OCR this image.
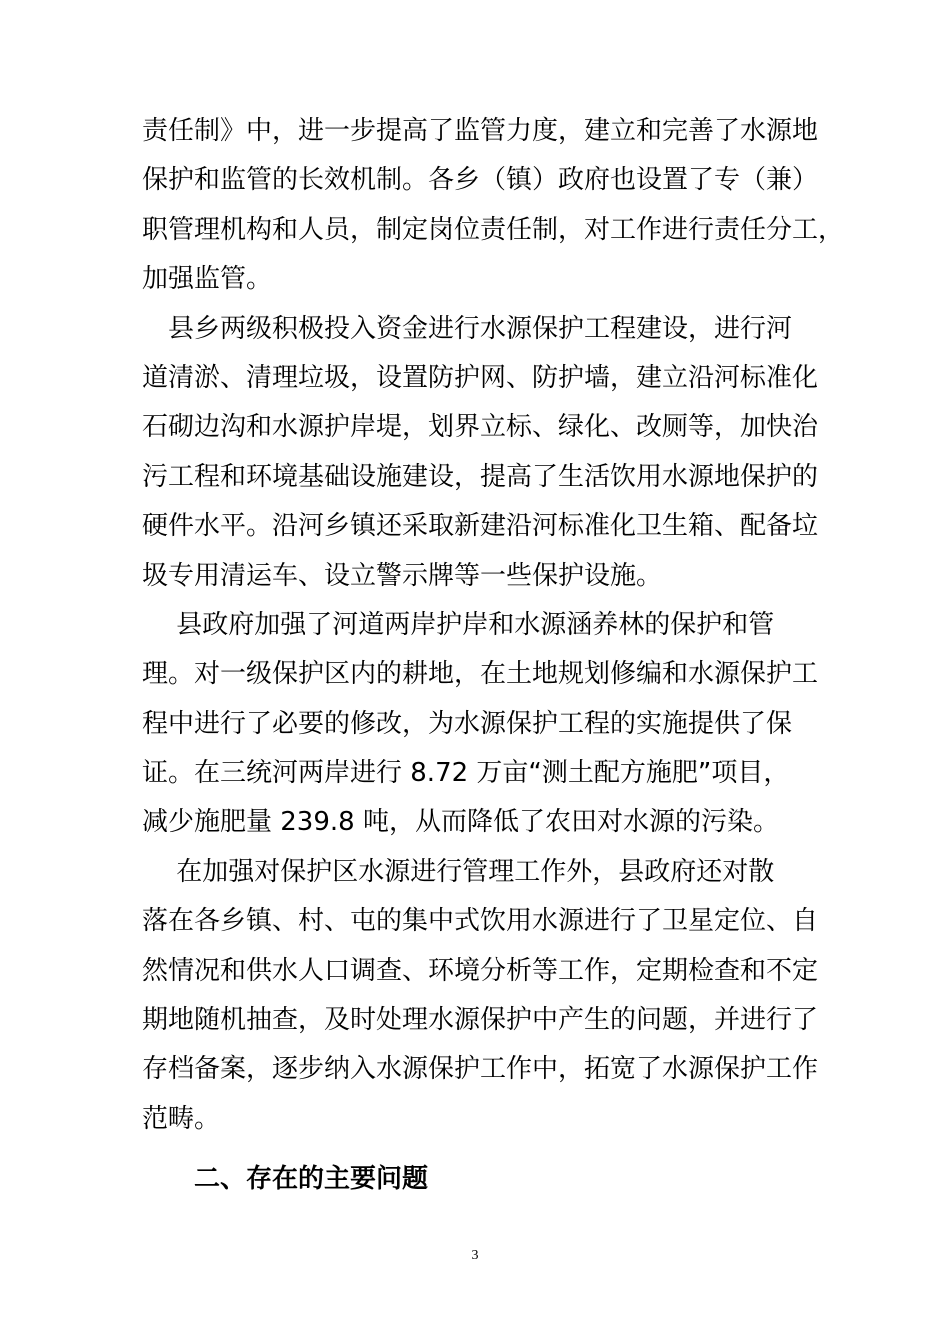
责任制》中，进一步提高了监管力度，建立和完善了水源地
保护和监管的长效机制。各乡（镇）政府也设置了专（兼）
职管理机构和人员，制定岗位责任制，对工作进行责任分工，
加强监管。
　县乡两级积极投入资金进行水源保护工程建设，进行河
道清淤、清理垃圾，设置防护网、防护墙，建立沿河标准化
石砌边沟和水源护岸堤，划界立标、绿化、改厕等，加快治
污工程和环境基础设施建设，提高了生活饮用水源地保护的
硬件水平。沿河乡镇还采取新建沿河标准化卫生箱、配备垃
圾专用清运车、设立警示牌等一些保护设施。
　 县政府加强了河道两岸护岸和水源涵养林的保护和管
理。对一级保护区内的耕地，在土地规划修编和水源保护工
程中进行了必要的修改，为水源保护工程的实施提供了保
证。在三统河两岸进行 8.72 万亩“测土配方施肥”项目，
减少施肥量 239.8 吨，从而降低了农田对水源的污染。
　 在加强对保护区水源进行管理工作外，县政府还对散
落在各乡镇、村、屯的集中式饮用水源进行了卫星定位、自
然情况和供水人口调查、环境分析等工作，定期检查和不定
期地随机抽查，及时处理水源保护中产生的问题，并进行了
存档备案，逐步纳入水源保护工作中，拓宽了水源保护工作
范畴。
二、存在的主要问题
3
